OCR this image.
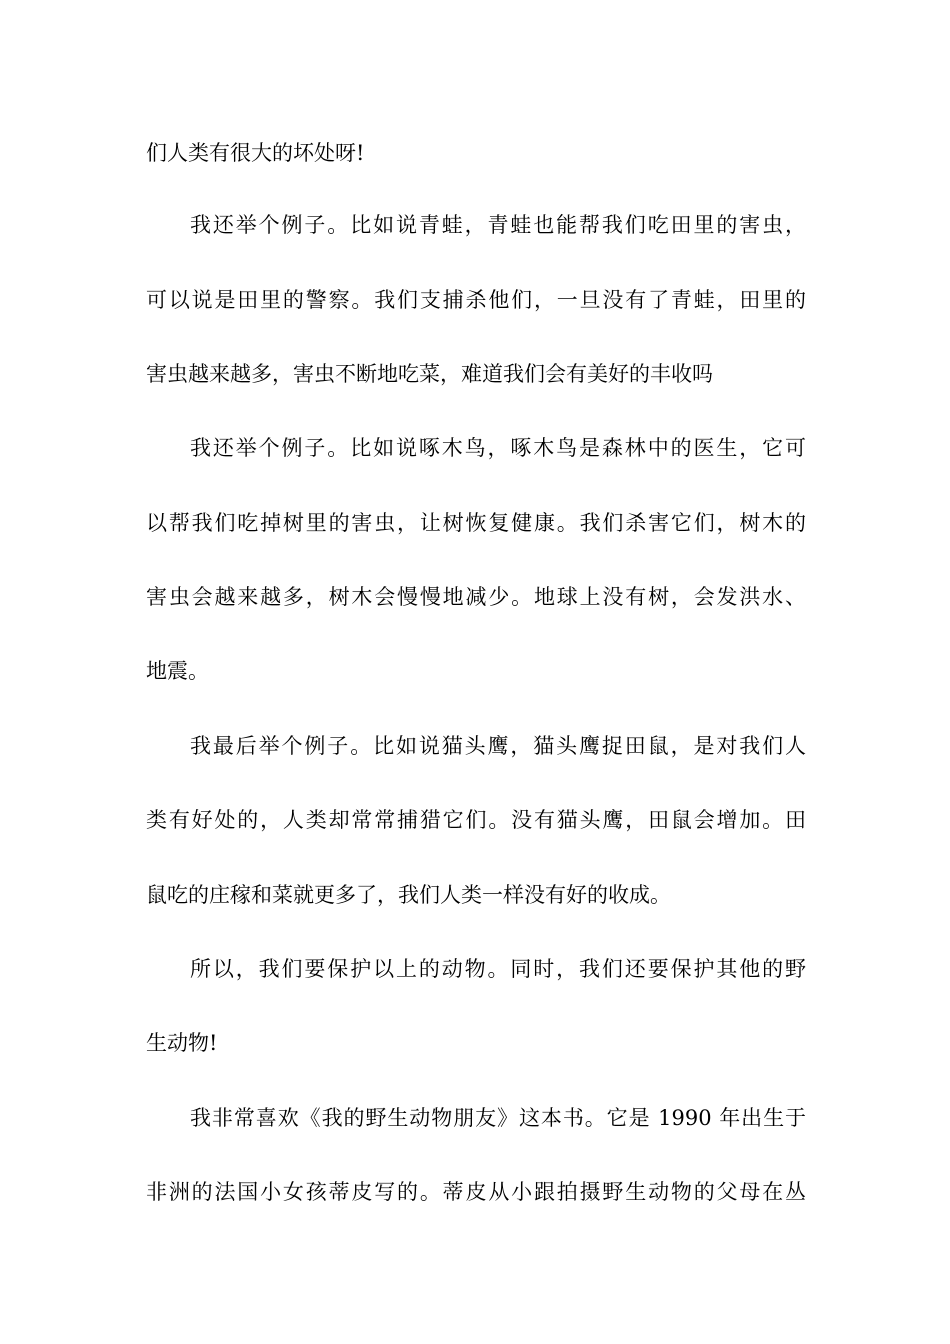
们人类有很大的坏处呀!
我还举个例子。比如说青蛙，青蛙也能帮我们吃田里的害虫，
可以说是田里的警察。我们支捕杀他们，一旦没有了青蛙，田里的
害虫越来越多，害虫不断地吃菜，难道我们会有美好的丰收吗
我还举个例子。比如说啄木鸟，啄木鸟是森林中的医生，它可
以帮我们吃掉树里的害虫，让树恢复健康。我们杀害它们，树木的
害虫会越来越多，树木会慢慢地减少。地球上没有树，会发洪水、
地震。
我最后举个例子。比如说猫头鹰，猫头鹰捉田鼠，是对我们人
类有好处的，人类却常常捕猎它们。没有猫头鹰，田鼠会增加。田
鼠吃的庄稼和菜就更多了，我们人类一样没有好的收成。
所以，我们要保护以上的动物。同时，我们还要保护其他的野
生动物!
我非常喜欢《我的野生动物朋友》这本书。它是 1990 年出生于
非洲的法国小女孩蒂皮写的。蒂皮从小跟拍摄野生动物的父母在丛
